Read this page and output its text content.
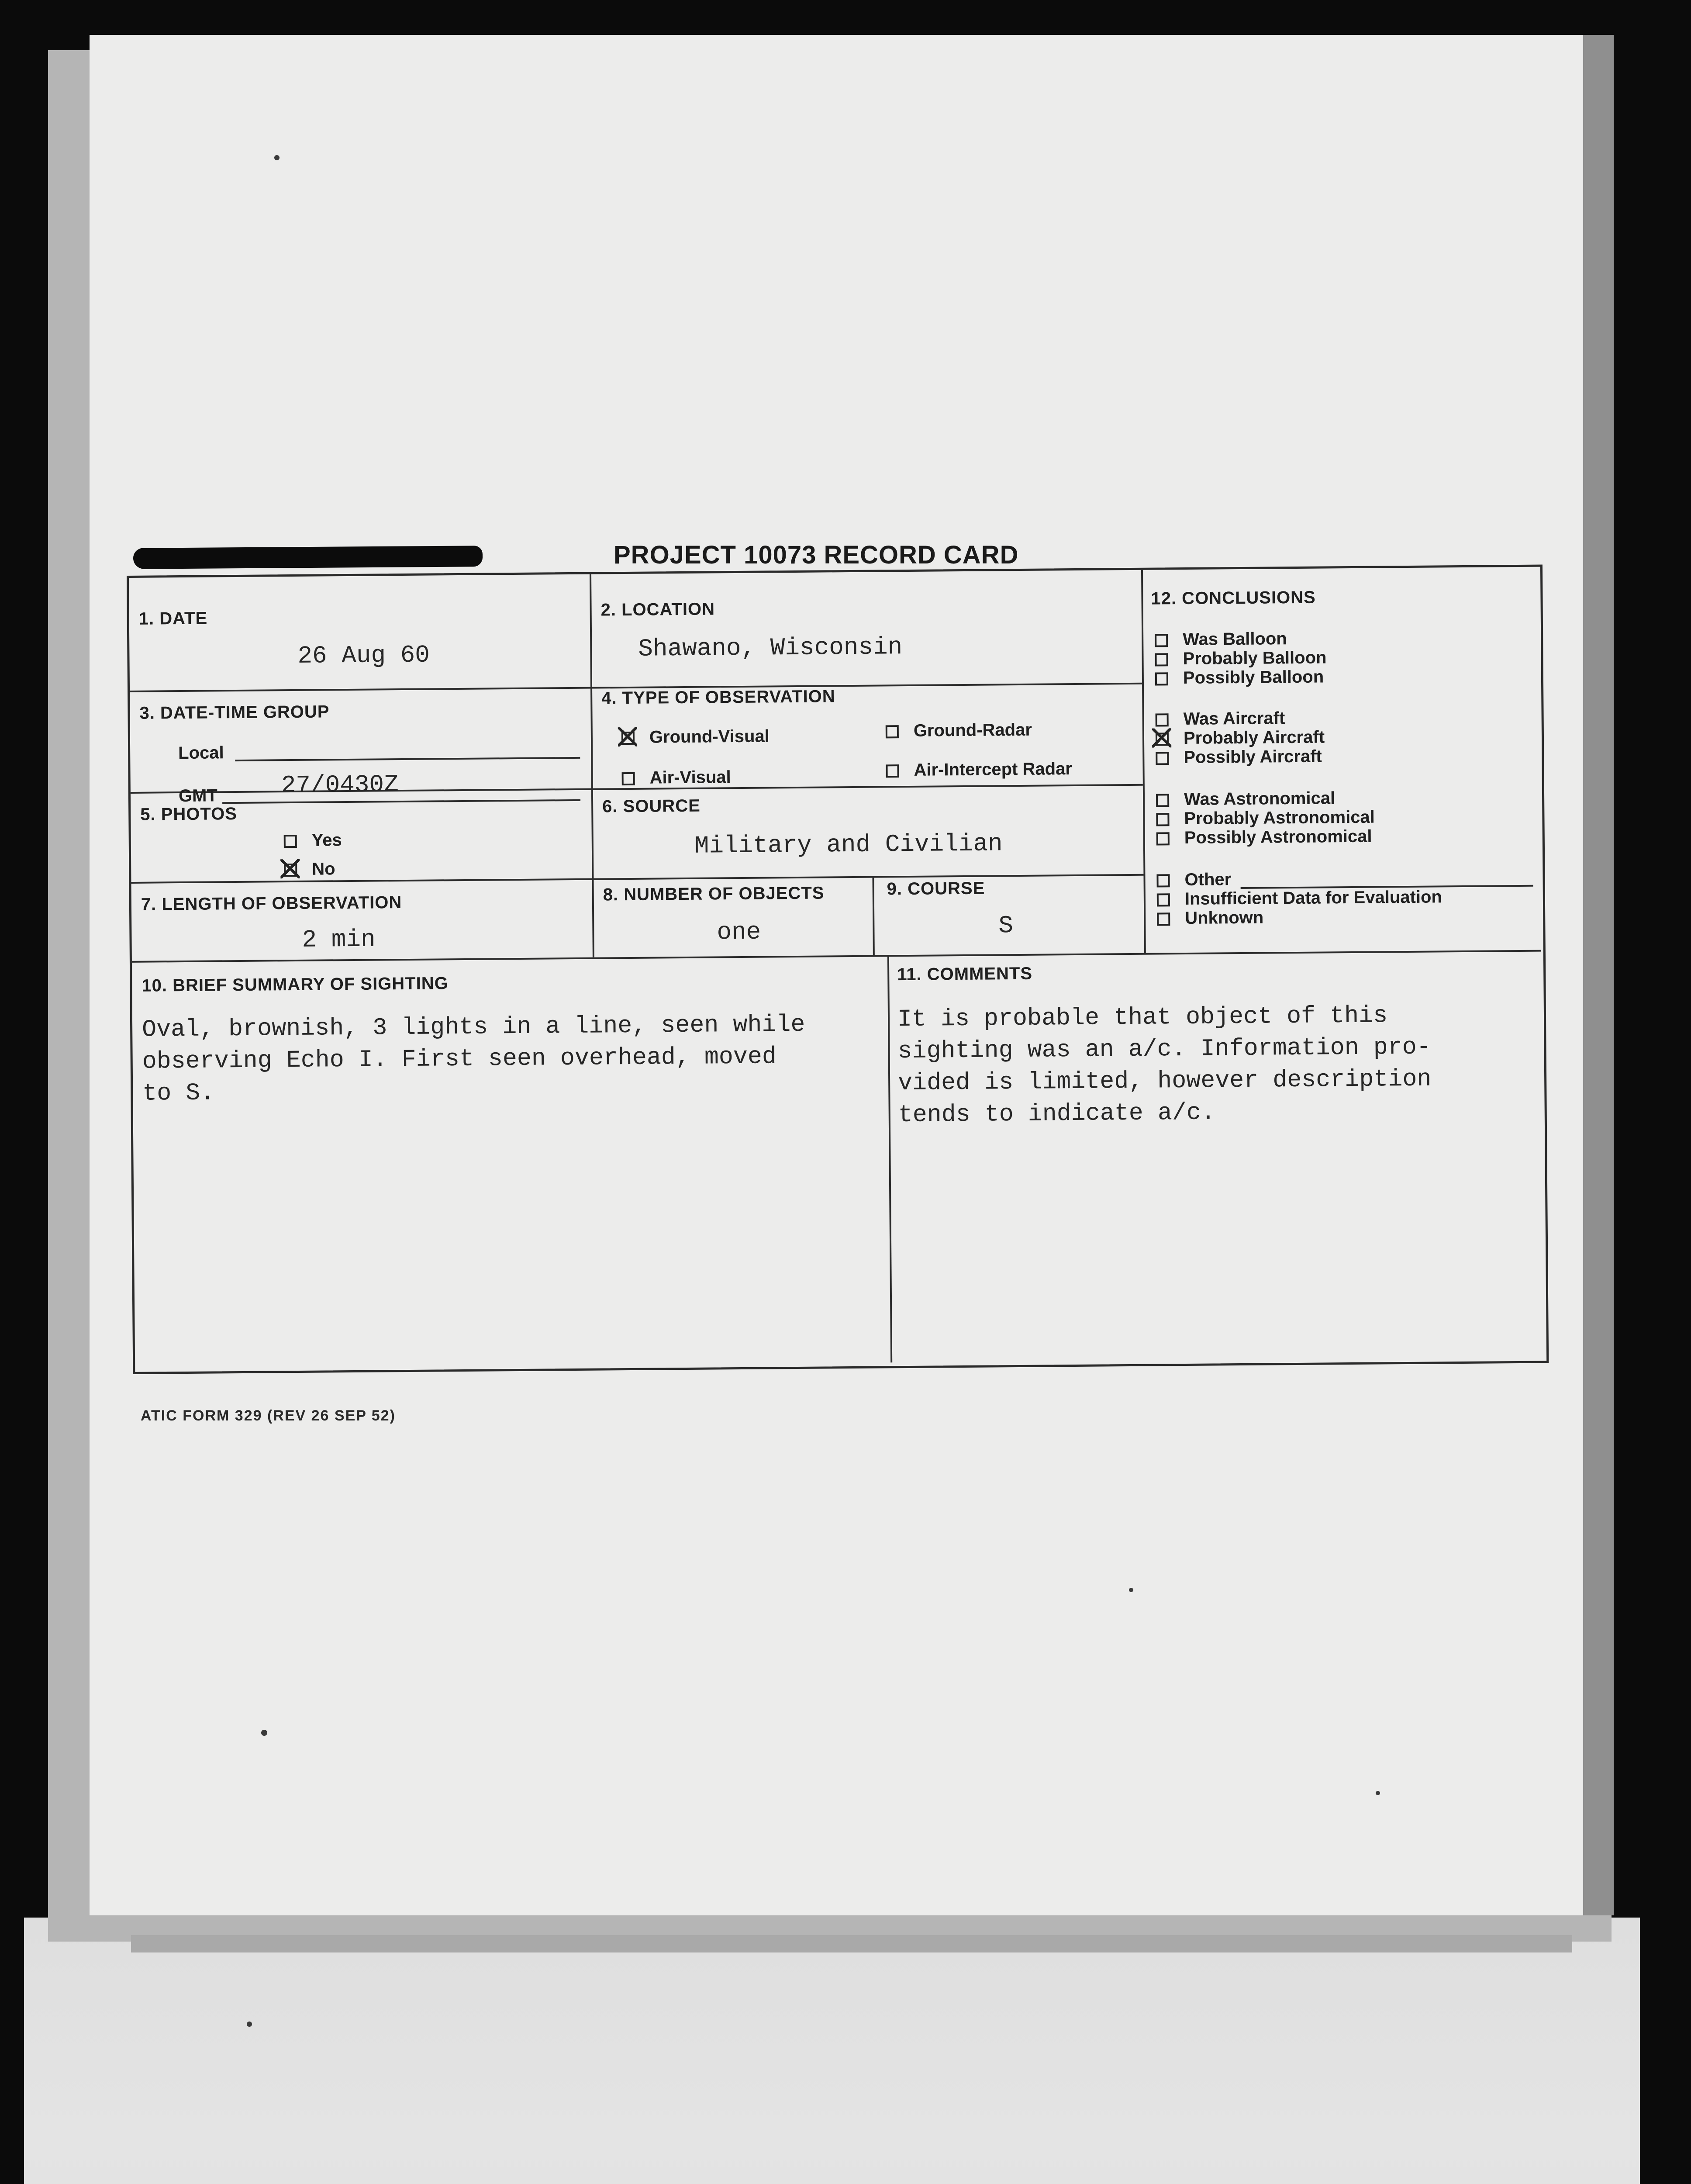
PROJECT 10073 RECORD CARD
1. DATE
26 Aug 60
2. LOCATION
Shawano, Wisconsin
3. DATE-TIME GROUP
Local
GMT	27/0430Z
4. TYPE OF OBSERVATION
Ground-Visual	Ground-Radar
Air-Visual	Air-Intercept Radar
5. PHOTOS
Yes
No
6. SOURCE
Military and Civilian
7. LENGTH OF OBSERVATION
2 min
8. NUMBER OF OBJECTS
one
9. COURSE
S
12. CONCLUSIONS
Was Balloon
Probably Balloon
Possibly Balloon
Was Aircraft
Probably Aircraft
Possibly Aircraft
Was Astronomical
Probably Astronomical
Possibly Astronomical
Other
Insufficient Data for Evaluation
Unknown
10. BRIEF SUMMARY OF SIGHTING
Oval, brownish, 3 lights in a line, seen while
observing Echo I. First seen overhead, moved
to S.
11. COMMENTS
It is probable that object of this
sighting was an a/c. Information pro-
vided is limited, however description
tends to indicate a/c.
ATIC FORM 329 (REV 26 SEP 52)
